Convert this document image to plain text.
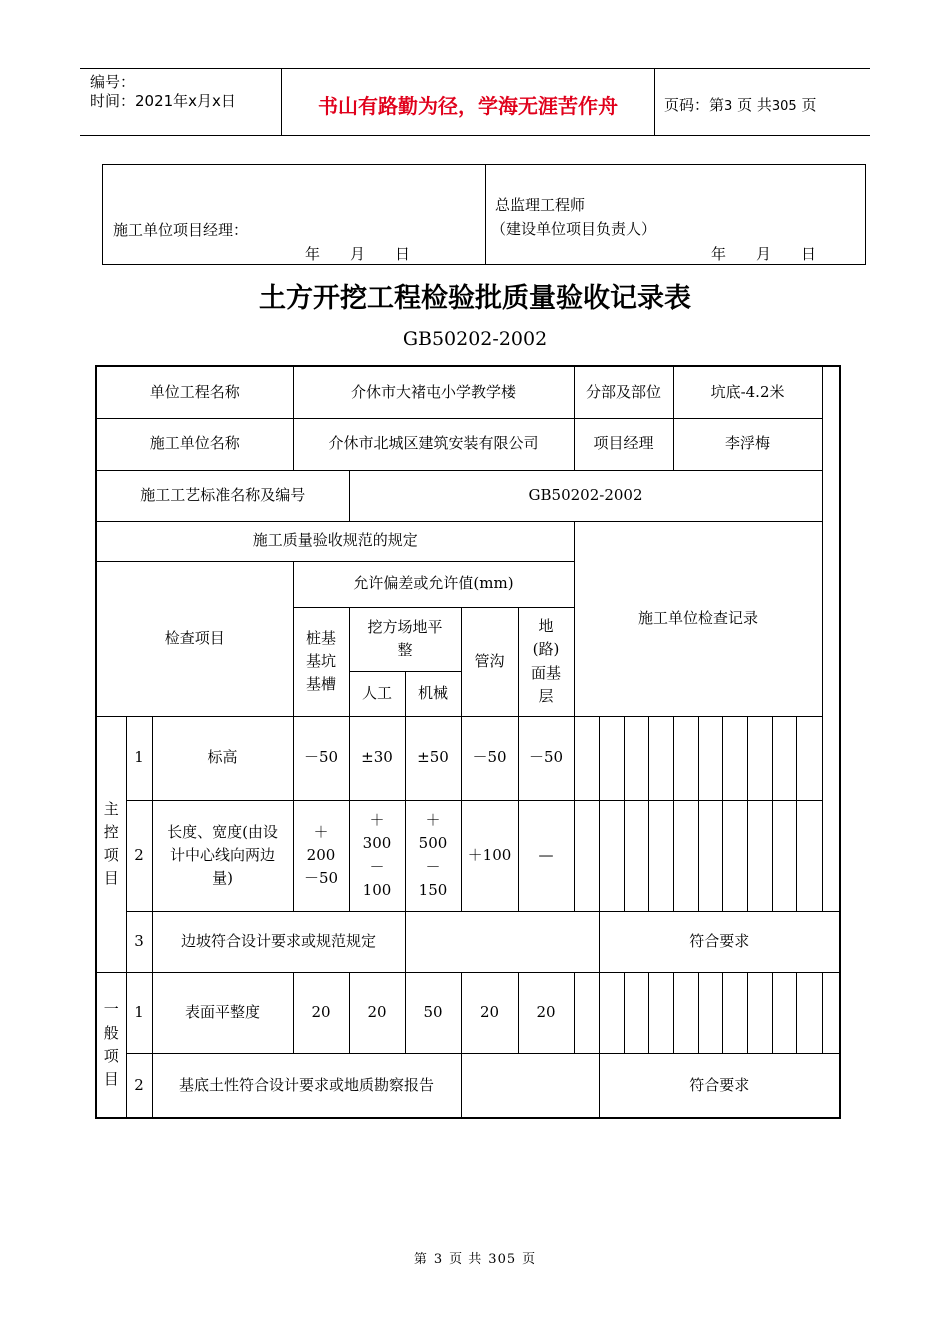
编号：
时间：2021年x月x日	书山有路勤为径，学海无涯苦作舟	页码：第3 页 共305 页
施工单位项目经理：
年　　月　　日
总监理工程师
（建设单位项目负责人）
年　　月　　日
土方开挖工程检验批质量验收记录表
GB50202-2002
单位工程名称			介休市大褚屯小学教学楼					分部及部位				坑底-4.2米					
施工单位名称			介休市北城区建筑安装有限公司					项目经理				李浮梅					
施工工艺标准名称及编号				GB50202-2002													
施工质量验收规范的规定								施工单位检查记录									
检查项目			允许偏差或允许值(mm)														
			桩基基坑基槽	挖方场地平整		管沟	地(路)面基层										
				人工	机械												
主控项目	1	标高	－50	±30	±50	－50	－50										
	2	长度、宽度(由设计中心线向两边量)	＋200 －50	＋300 －100	＋500 －150	＋100	—										
	3	边坡符合设计要求或规范规定							符合要求								
一般项目	1	表面平整度	20	20	50	20	20										
	2	基底土性符合设计要求或地质勘察报告							符合要求								
第 3 页 共 305 页
